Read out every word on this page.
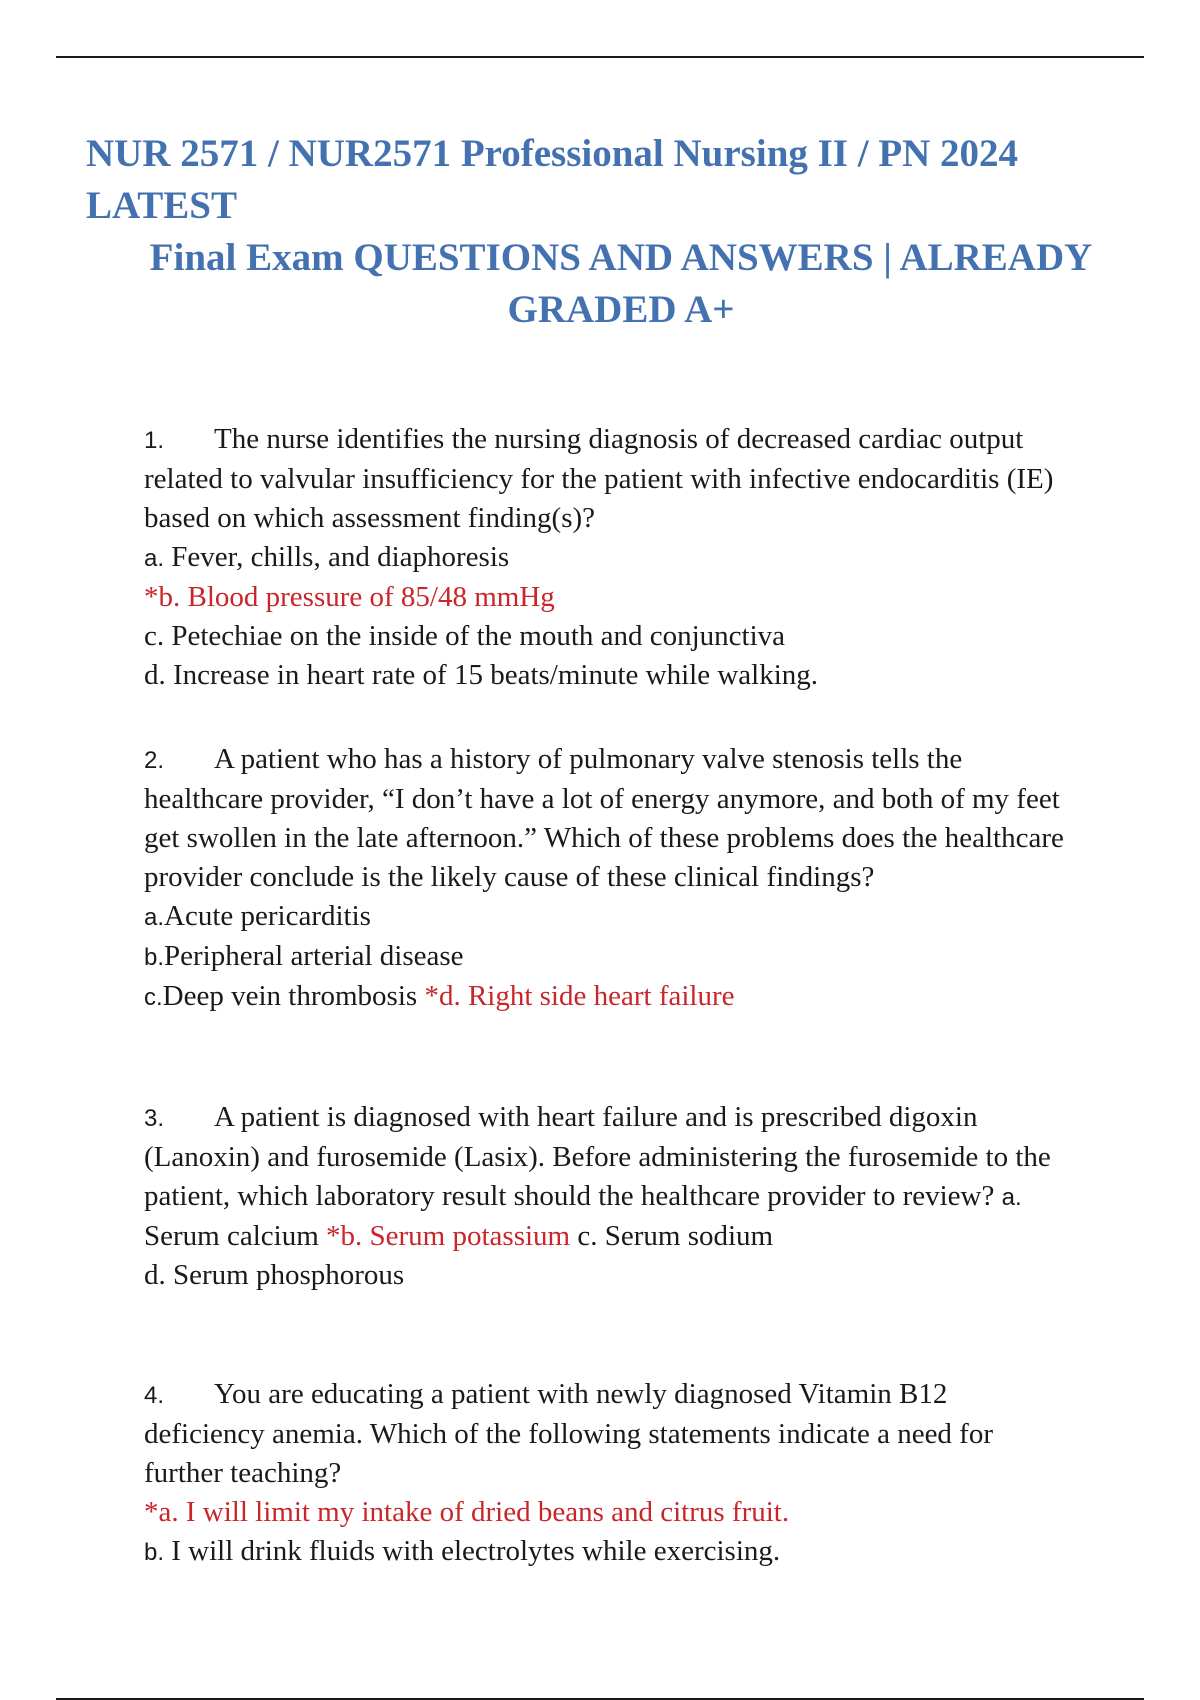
NUR 2571 / NUR2571 Professional Nursing II / PN 2024 LATEST
Final Exam QUESTIONS AND ANSWERS | ALREADY GRADED A+

1. The nurse identifies the nursing diagnosis of decreased cardiac output related to valvular insufficiency for the patient with infective endocarditis (IE) based on which assessment finding(s)?

a. Fever, chills, and diaphoresis

*b. Blood pressure of 85/48 mmHg

c. Petechiae on the inside of the mouth and conjunctiva

d. Increase in heart rate of 15 beats/minute while walking.

2. A patient who has a history of pulmonary valve stenosis tells the healthcare provider, “I don’t have a lot of energy anymore, and both of my feet get swollen in the late afternoon.” Which of these problems does the healthcare provider conclude is the likely cause of these clinical findings?

a.Acute pericarditis

b.Peripheral arterial disease

c.Deep vein thrombosis *d. Right side heart failure

3. A patient is diagnosed with heart failure and is prescribed digoxin (Lanoxin) and furosemide (Lasix). Before administering the furosemide to the patient, which laboratory result should the healthcare provider to review? a. Serum calcium *b. Serum potassium c. Serum sodium

d. Serum phosphorous

4. You are educating a patient with newly diagnosed Vitamin B12 deficiency anemia. Which of the following statements indicate a need for further teaching?

*a. I will limit my intake of dried beans and citrus fruit.

b. I will drink fluids with electrolytes while exercising.
